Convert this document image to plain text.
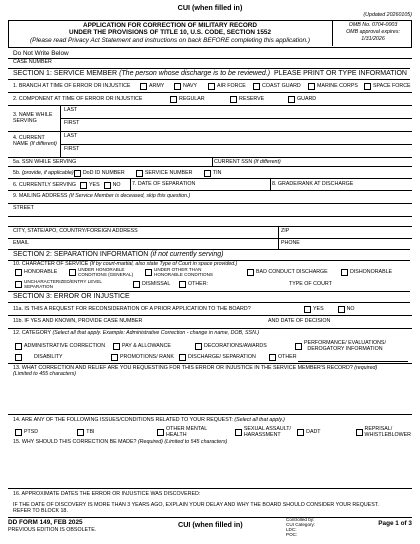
CUI (when filled in)
(Updated 20260105)
APPLICATION FOR CORRECTION OF MILITARY RECORD
UNDER THE PROVISIONS OF TITLE 10, U.S. CODE, SECTION 1552
(Please read Privacy Act Statement and instructions on back BEFORE completing this application.)
OMB No. 0704-0003
OMB approval expires:
1/31/2026
Do Not Write Below
CASE NUMBER
SECTION 1: SERVICE MEMBER
(The person whose discharge is to be reviewed.)
PLEASE PRINT OR TYPE INFORMATION
1. BRANCH AT TIME OF ERROR OR INJUSTICE	ARMY	NAVY	AIR FORCE	COAST GUARD	MARINE CORPS	SPACE FORCE
2. COMPONENT AT TIME OF ERROR OR INJUSTICE	REGULAR	RESERVE	GUARD
3. NAME WHILE SERVING
LAST
FIRST
4. CURRENT NAME (If different)
LAST
FIRST
5a. SSN WHILE SERVING	CURRENT SSN (If different)
5b.
(provide, if applicable) DoD ID NUMBER	SERVICE NUMBER	TIN
6. CURRENTLY SERVING YES NO 7. DATE OF SEPARATION	8. GRADE/RANK AT DISCHARGE
9. MAILING ADDRESS (If Service Member is deceased, skip this question.)
STREET
CITY, STATE/APO, COUNTRY/FOREIGN ADDRESS	ZIP
EMAIL	PHONE
SECTION 2: SEPARATION INFORMATION
(if not currently serving)
10. CHARACTER OF SERVICE (If by court-martial, also state Type of Court in space provided.)
HONORABLE	UNDER HONORABLE
CONDITIONS (GENERAL)
UNDER OTHER THAN
HONORABLE CONDITIONS	BAD CONDUCT DISCHARGE	DISHONORABLE
UNCHARACTERIZED/ENTRY LEVEL
SEPARATION	DISMISSAL	OTHER:	TYPE OF COURT
SECTION 3: ERROR OR INJUSTICE
11a. IS THIS A REQUEST FOR RECONSIDERATION OF A PRIOR APPLICATION TO THE BOARD?	YES	NO
11b. IF YES AND KNOWN, PROVIDE CASE NUMBER	AND DATE OF DECISION
12. CATEGORY (Select all that apply. Example: Administrative Correction - change in name, DOB, SSN.)
ADMINISTRATIVE CORRECTION	PAY & ALLOWANCE	DECORATIONS/AWARDS	PERFORMANCE/ EVALUATIONS/
DEROGATORY INFORMATION
DISABILITY	PROMOTIONS/ RANK	DISCHARGE/ SEPARATION	OTHER
13. WHAT CORRECTION AND RELIEF ARE YOU REQUESTING FOR THIS ERROR OR INJUSTICE IN THE SERVICE MEMBER'S RECORD? (required)
(Limited to 455 characters)
14. ARE ANY OF THE FOLLOWING ISSUES/CONDITIONS RELATED TO YOUR REQUEST: (Select all that apply.)
PTSD	TBI	OTHER MENTAL
HEALTH
SEXUAL ASSAULT/
HARASSMENT	DADT	REPRISAL/
WHISTLEBLOWER
15. WHY SHOULD THIS CORRECTION BE MADE? (Required) (Limited to 545 characters)
16. APPROXIMATE DATES THE ERROR OR INJUSTICE WAS DISCOVERED:
IF THE DATE OF DISCOVERY IS MORE THAN 3 YEARS AGO, EXPLAIN YOUR DELAY AND WHY THE BOARD SHOULD CONSIDER YOUR REQUEST.
REFER TO BLOCK 18.
DD FORM 149, FEB 2025
PREVIOUS EDITION IS OBSOLETE.
CUI (when filled in)
Controlled by:
CUI Category:
LDC:
POC:
Page 1 of 3
